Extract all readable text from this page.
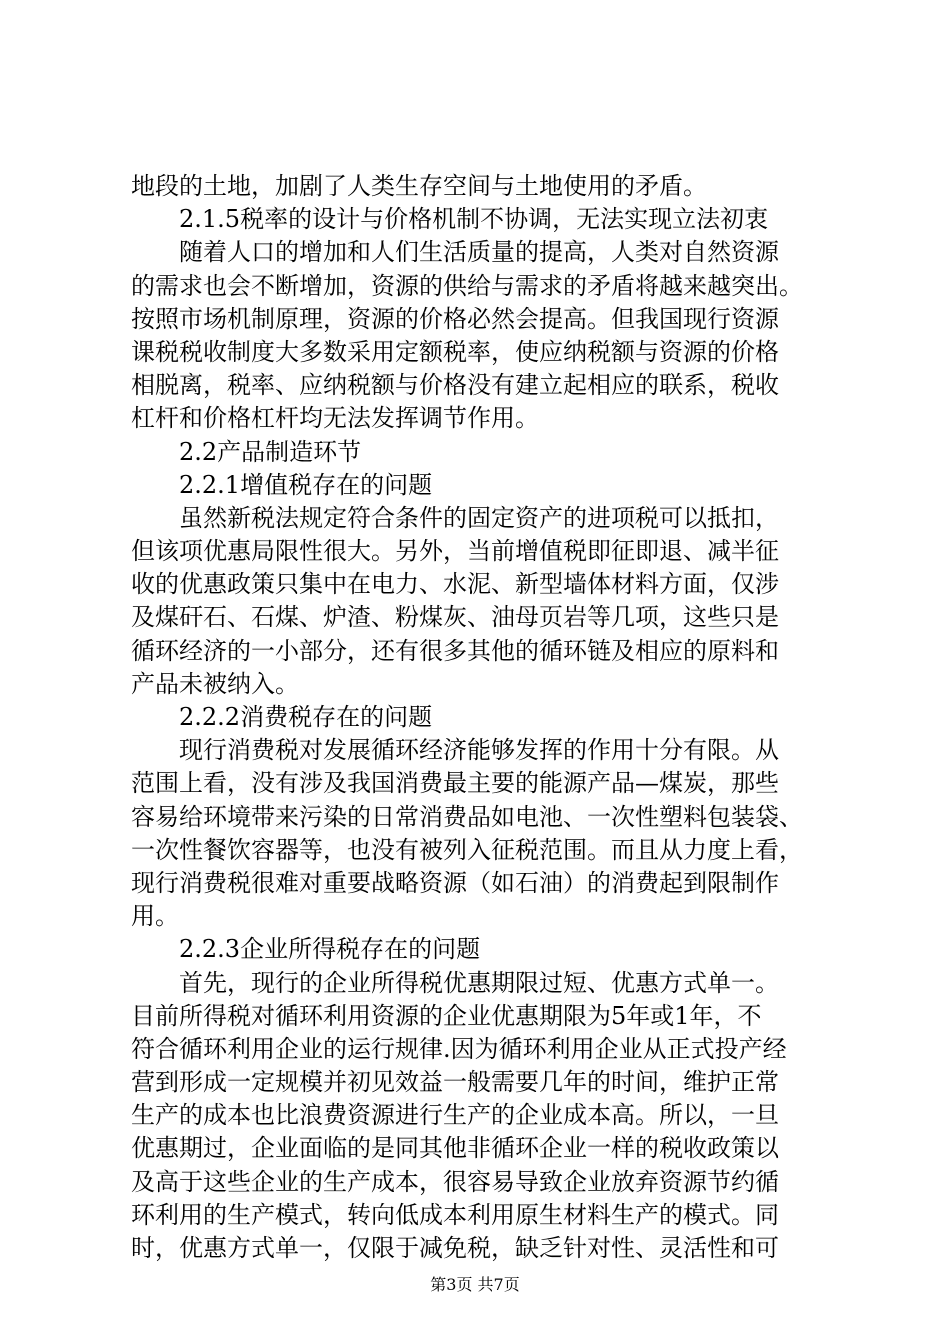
地段的土地，加剧了人类生存空间与土地使用的矛盾。
2.1.5税率的设计与价格机制不协调，无法实现立法初衷
随着人口的增加和人们生活质量的提高，人类对自然资源
的需求也会不断增加，资源的供给与需求的矛盾将越来越突出。
按照市场机制原理，资源的价格必然会提高。但我国现行资源
课税税收制度大多数采用定额税率，使应纳税额与资源的价格
相脱离，税率、应纳税额与价格没有建立起相应的联系，税收
杠杆和价格杠杆均无法发挥调节作用。
2.2产品制造环节
2.2.1增值税存在的问题
虽然新税法规定符合条件的固定资产的进项税可以抵扣，
但该项优惠局限性很大。另外，当前增值税即征即退、减半征
收的优惠政策只集中在电力、水泥、新型墙体材料方面，仅涉
及煤矸石、石煤、炉渣、粉煤灰、油母页岩等几项，这些只是
循环经济的一小部分，还有很多其他的循环链及相应的原料和
产品未被纳入。
2.2.2消费税存在的问题
现行消费税对发展循环经济能够发挥的作用十分有限。从
范围上看，没有涉及我国消费最主要的能源产品—煤炭，那些
容易给环境带来污染的日常消费品如电池、一次性塑料包装袋、
一次性餐饮容器等，也没有被列入征税范围。而且从力度上看，
现行消费税很难对重要战略资源（如石油）的消费起到限制作
用。
2.2.3企业所得税存在的问题
首先，现行的企业所得税优惠期限过短、优惠方式单一。
目前所得税对循环利用资源的企业优惠期限为5年或1年，不
符合循环利用企业的运行规律.因为循环利用企业从正式投产经
营到形成一定规模并初见效益一般需要几年的时间，维护正常
生产的成本也比浪费资源进行生产的企业成本高。所以，一旦
优惠期过，企业面临的是同其他非循环企业一样的税收政策以
及高于这些企业的生产成本，很容易导致企业放弃资源节约循
环利用的生产模式，转向低成本利用原生材料生产的模式。同
时，优惠方式单一，仅限于减免税，缺乏针对性、灵活性和可
第3页 共7页
